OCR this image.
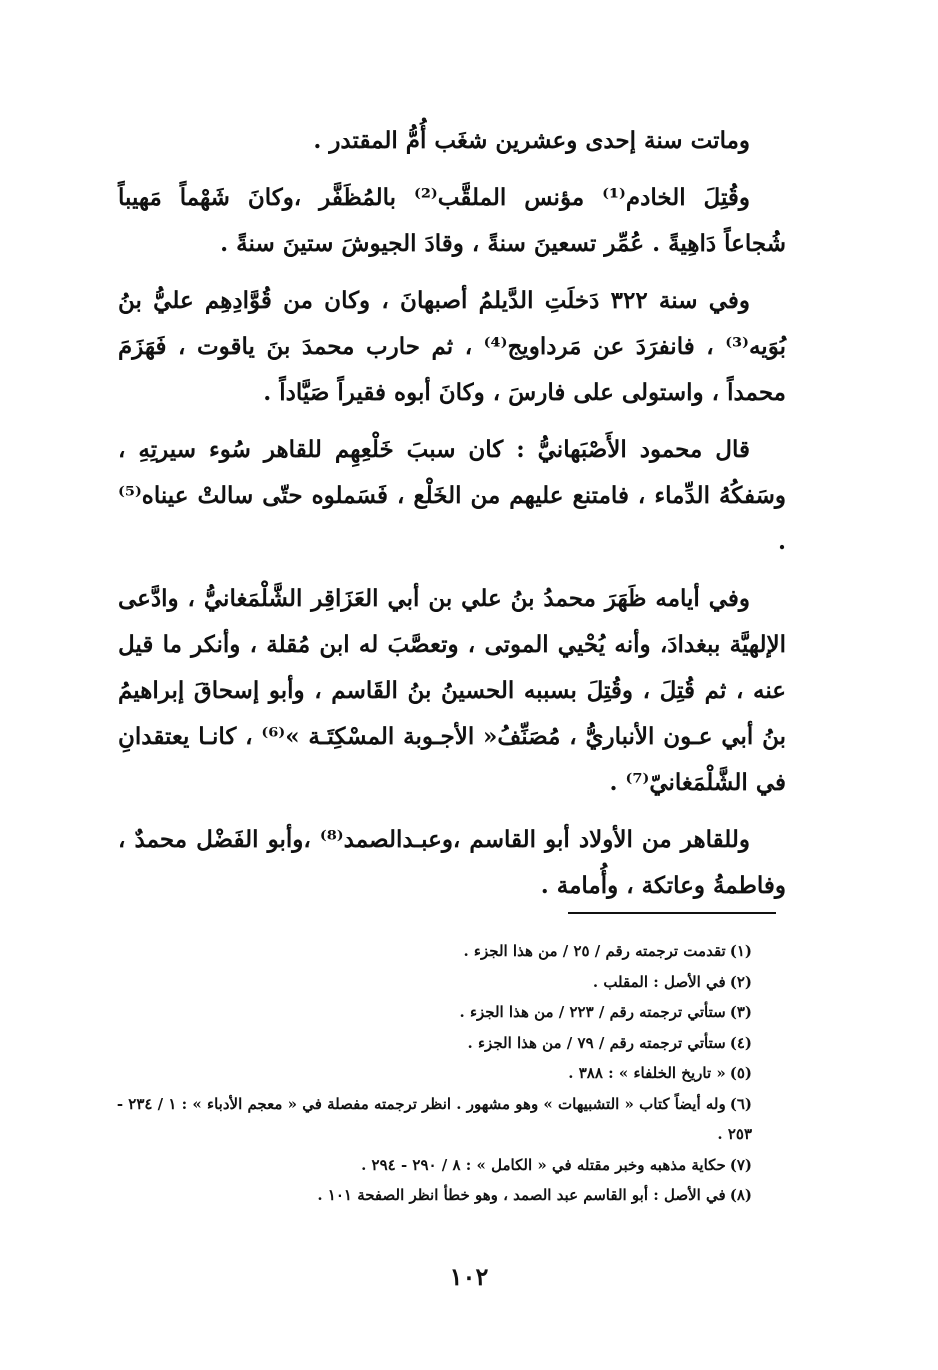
وماتت سنة إحدى وعشرين شغَب أُمُّ المقتدر .

وقُتِلَ الخادم⁽¹⁾ مؤنس الملقَّب⁽²⁾ بالمُظَفَّر ،وكانَ شَهْماً مَهيباً شُجاعاً دَاهِيةً . عُمِّر تسعينَ سنةً ، وقادَ الجيوشَ ستينَ سنةً .

وفي سنة ٣٢٢ دَخلَتِ الدَّيلمُ أصبهانَ ، وكان من قُوَّادِهِم عليُّ بنُ بُوَيه⁽³⁾ ، فانفرَدَ عن مَرداويج⁽⁴⁾ ، ثم حارب محمدَ بنَ ياقوت ، فَهَزَمَ محمداً ، واستولى على فارسَ ، وكانَ أبوه فقيراً صَيَّاداً .

قال محمود الأَصْبَهانيُّ : كان سببَ خَلْعِهِم للقاهر سُوء سيرتِهِ ، وسَفكُهُ الدِّماء ، فامتنع عليهم من الخَلْع ، فَسَملوه حتّى سالتْ عيناه⁽⁵⁾ .

وفي أيامه ظَهَرَ محمدُ بنُ علي بن أبي العَزَاقِر الشَّلْمَغانيُّ ، وادَّعى الإلهيَّة ببغدادَ، وأنه يُحْيي الموتى ، وتعصَّبَ له ابن مُقلة ، وأنكر ما قيل عنه ، ثم قُتِلَ ، وقُتِلَ بسببه الحسينُ بنُ القَاسم ، وأبو إسحاقَ إبراهيمُ بنُ أبي عـون الأنباريُّ ، مُصَنِّفُ« الأجـوبة المسْكِتَـة »⁽⁶⁾ ، كانـا يعتقدانِ في الشَّلْمَغانيّ⁽⁷⁾ .

وللقاهر من الأولاد أبو القاسم ،وعبـدالصمد⁽⁸⁾ ،وأبو الفَضْل محمدٌ ، وفاطمةُ وعاتكة ، وأُمامة .

(١)تقدمت ترجمته رقم / ٢٥ / من هذا الجزء .

(٢)في الأصل : المقلب .

(٣)ستأتي ترجمته رقم / ٢٢٣ / من هذا الجزء .

(٤)ستأتي ترجمته رقم / ٧٩ / من هذا الجزء .

(٥)« تاريخ الخلفاء » : ٣٨٨ .

(٦)وله أيضاً كتاب « التشبيهات » وهو مشهور . انظر ترجمته مفصلة في « معجم الأدباء » : ١ / ٢٣٤ - ٢٥٣ .

(٧)حكاية مذهبه وخبر مقتله في « الكامل » : ٨ / ٢٩٠ - ٢٩٤ .

(٨)في الأصل : أبو القاسم عبد الصمد ، وهو خطأ انظر الصفحة ١٠١ .

١٠٢
